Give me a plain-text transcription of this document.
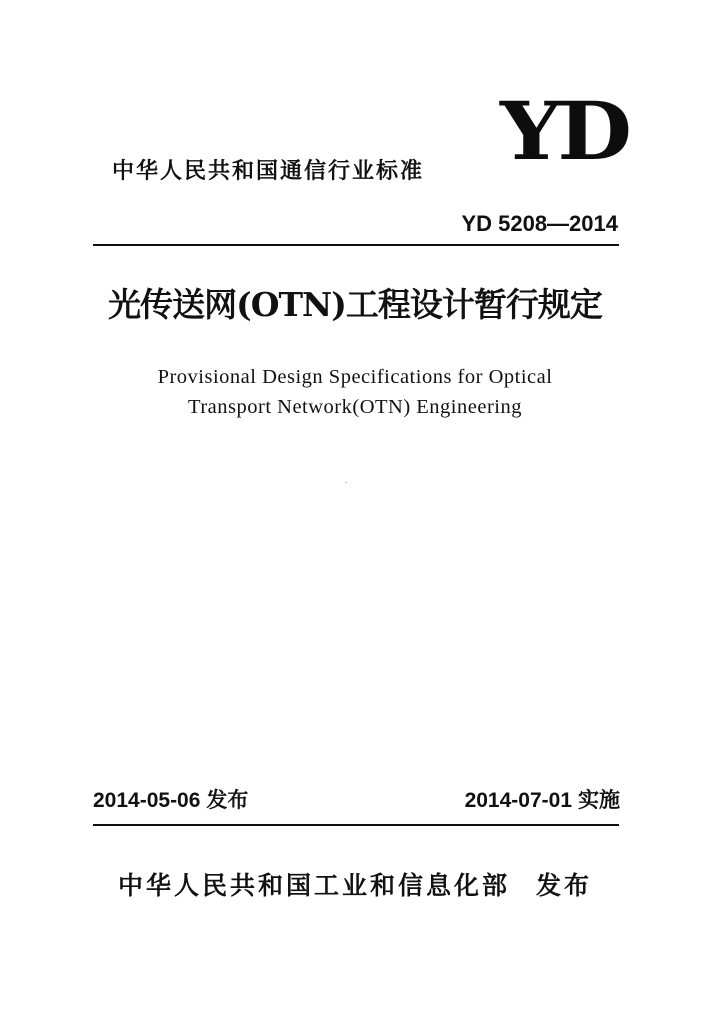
YD
中华人民共和国通信行业标准
YD 5208—2014
光传送网(OTN)工程设计暂行规定
Provisional Design Specifications for Optical
Transport Network(OTN) Engineering
2014-05-06 发布	2014-07-01 实施
中华人民共和国工业和信息化部 发布
